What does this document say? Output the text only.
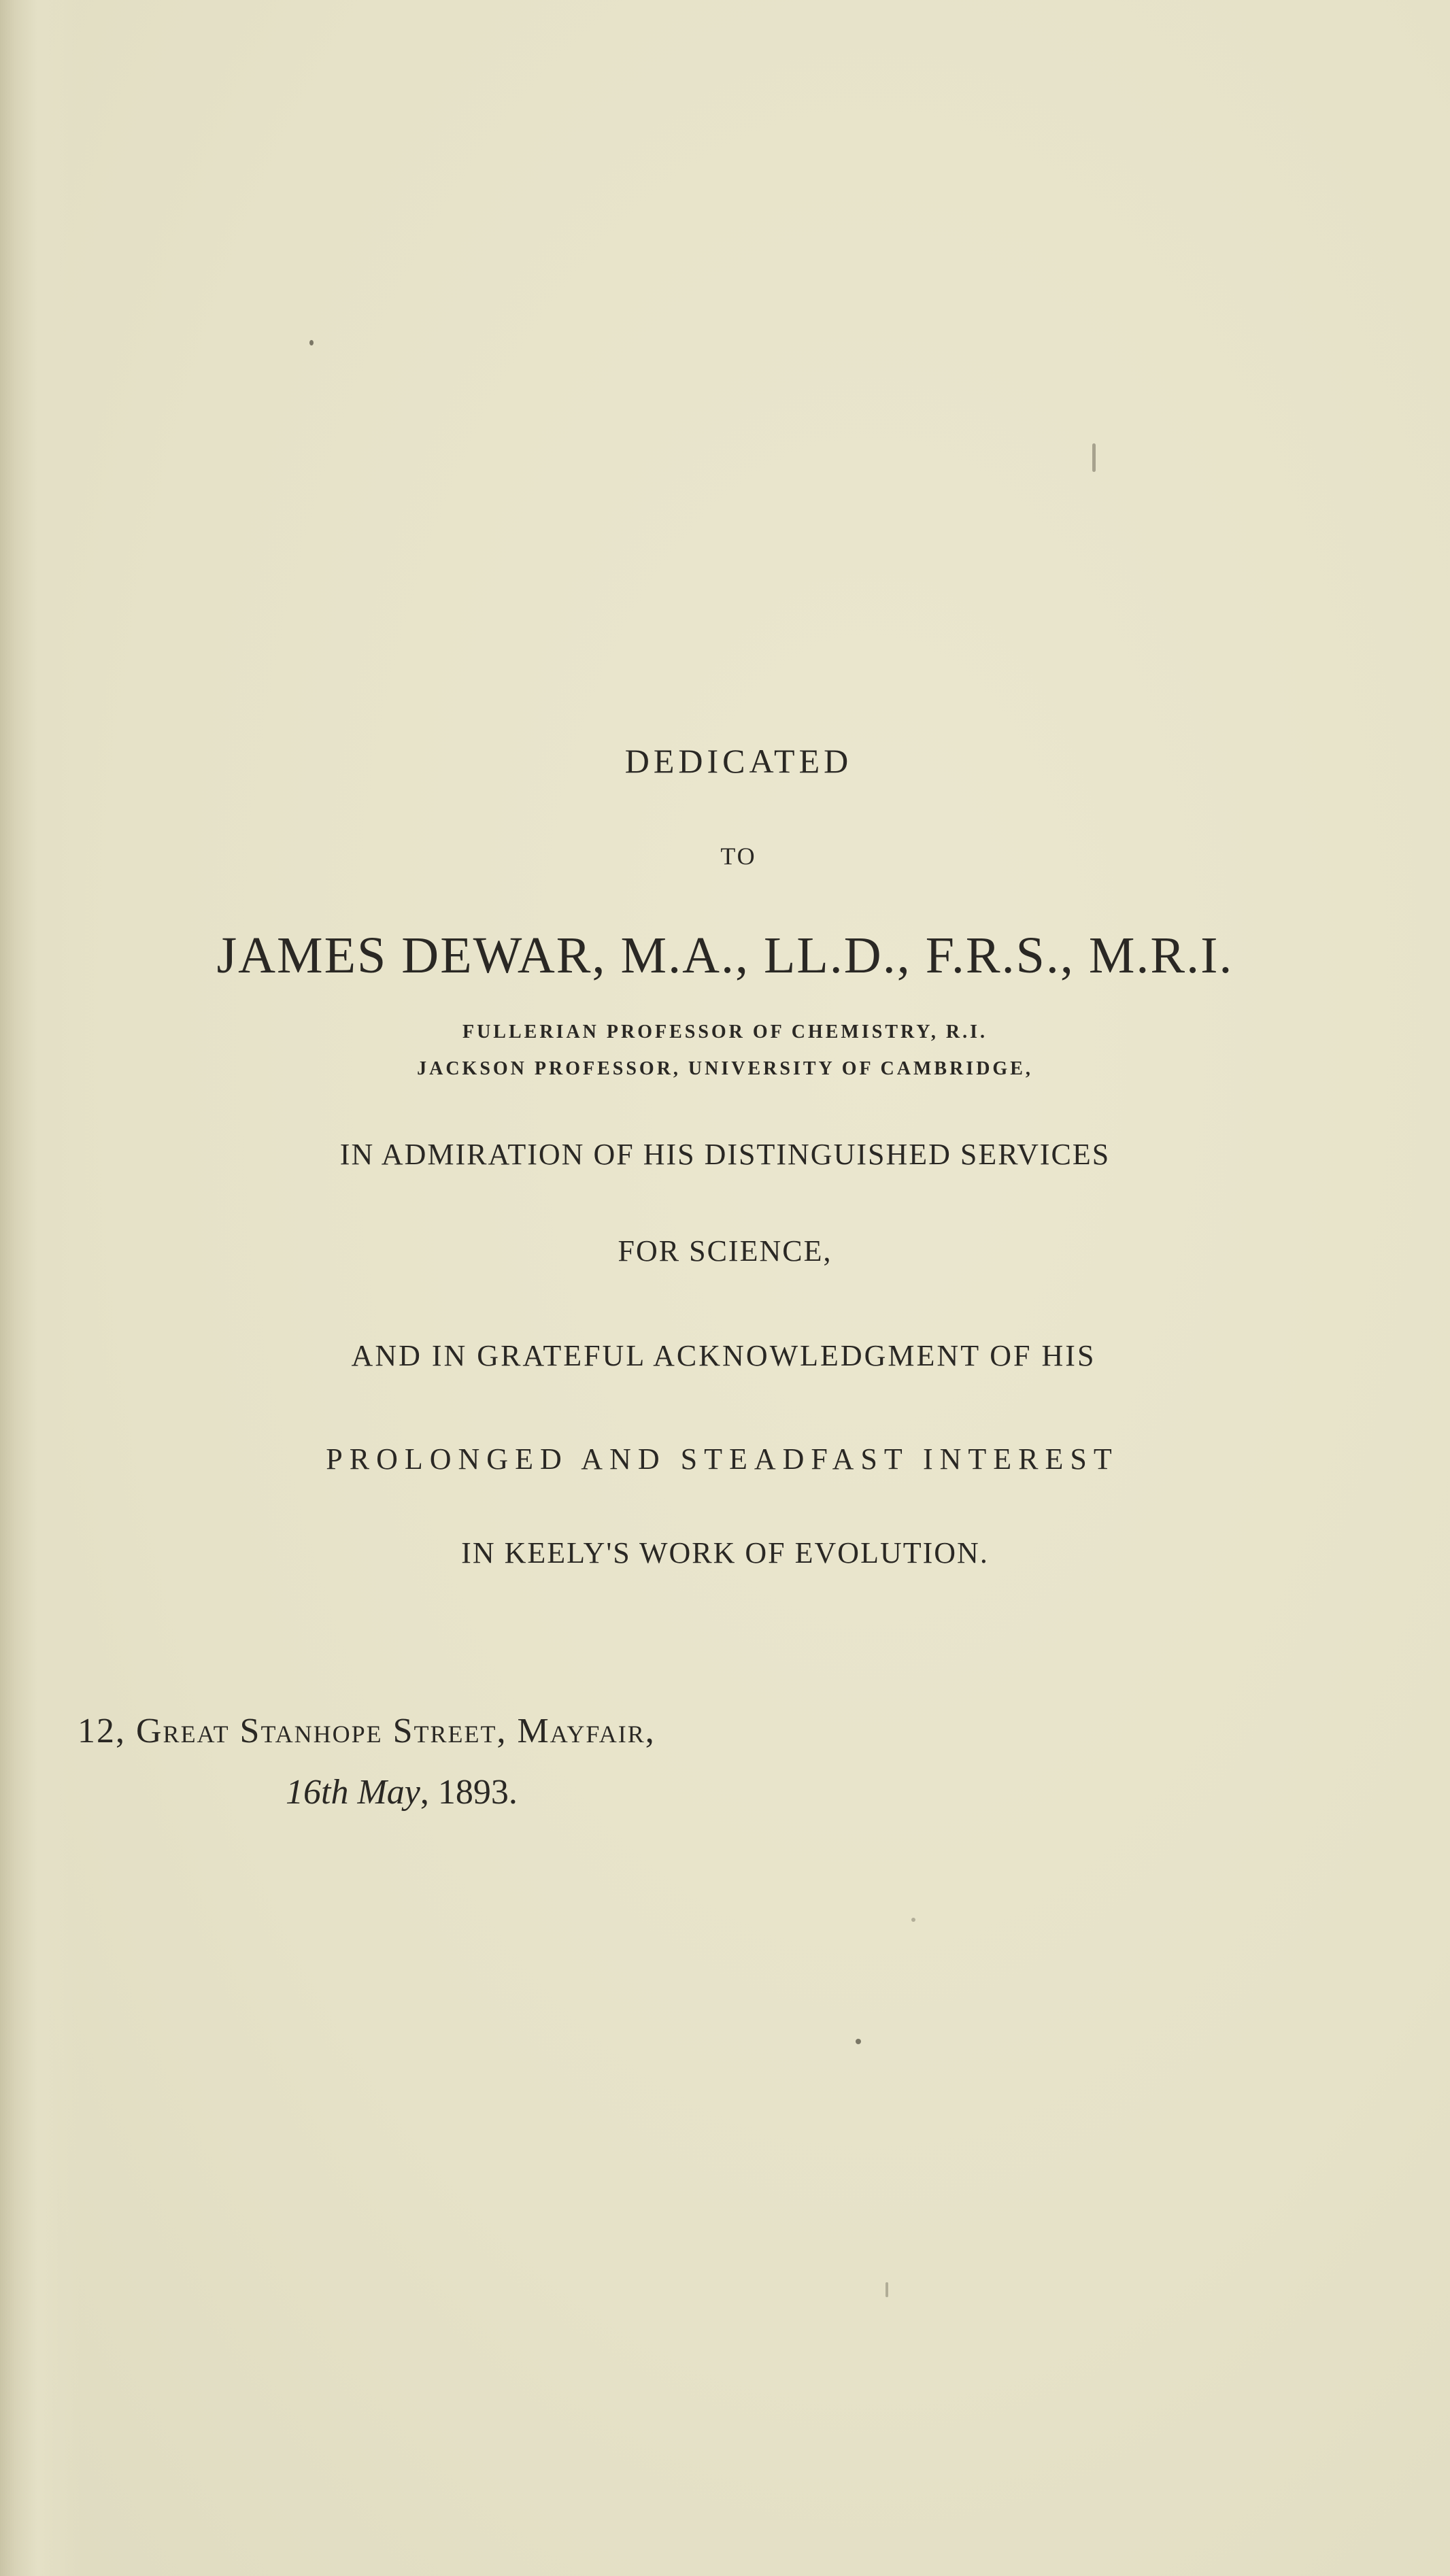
DEDICATED
TO
JAMES DEWAR, M.A., LL.D., F.R.S., M.R.I.
FULLERIAN PROFESSOR OF CHEMISTRY, R.I.
JACKSON PROFESSOR, UNIVERSITY OF CAMBRIDGE,
IN ADMIRATION OF HIS DISTINGUISHED SERVICES
FOR SCIENCE,
AND IN GRATEFUL ACKNOWLEDGMENT OF HIS
PROLONGED AND STEADFAST INTEREST
IN KEELY'S WORK OF EVOLUTION.
12, Great Stanhope Street, Mayfair,
16th May, 1893.
